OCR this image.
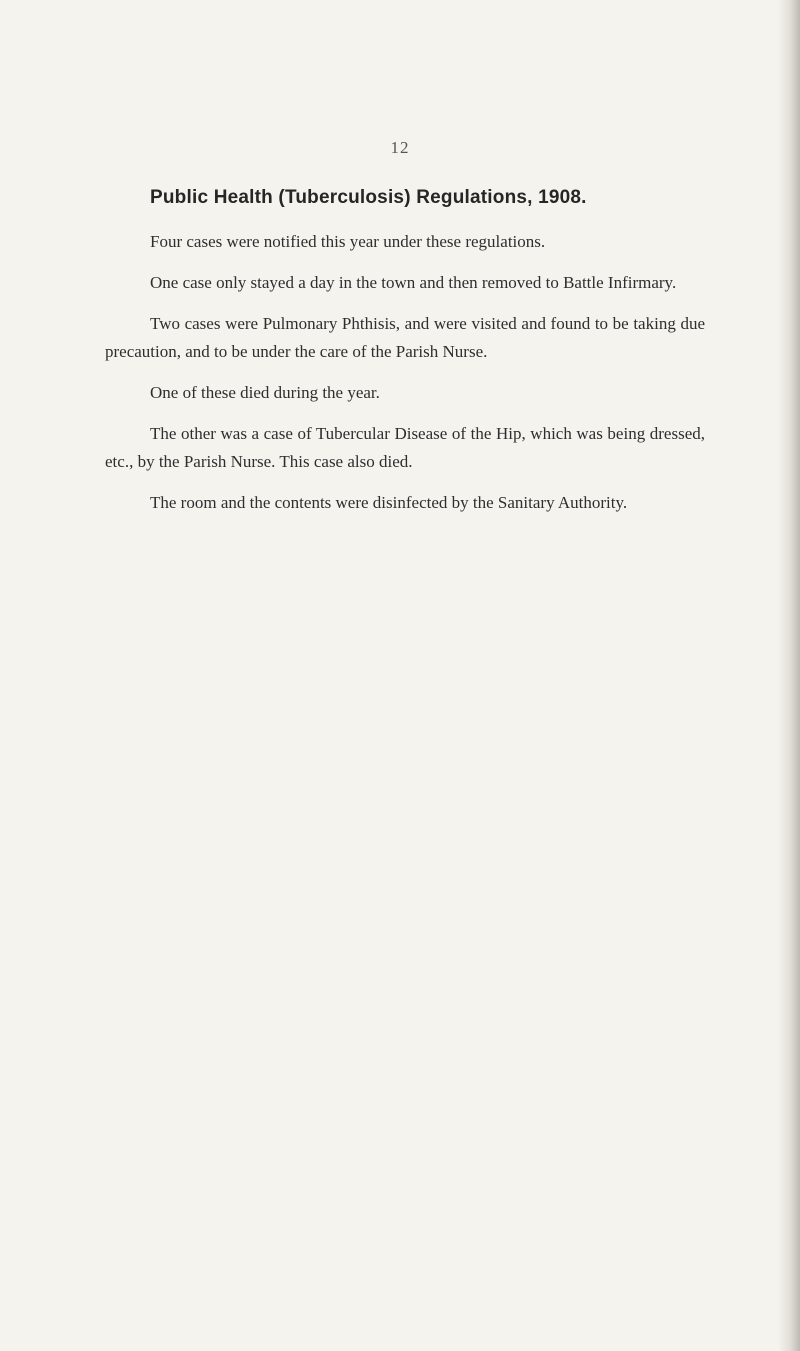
12
Public Health (Tuberculosis) Regulations, 1908.

Four cases were notified this year under these regulations.

One case only stayed a day in the town and then removed to Battle Infirmary.

Two cases were Pulmonary Phthisis, and were visited and found to be taking due precaution, and to be under the care of the Parish Nurse.

One of these died during the year.

The other was a case of Tubercular Disease of the Hip, which was being dressed, etc., by the Parish Nurse. This case also died.

The room and the contents were disinfected by the Sanitary Authority.
